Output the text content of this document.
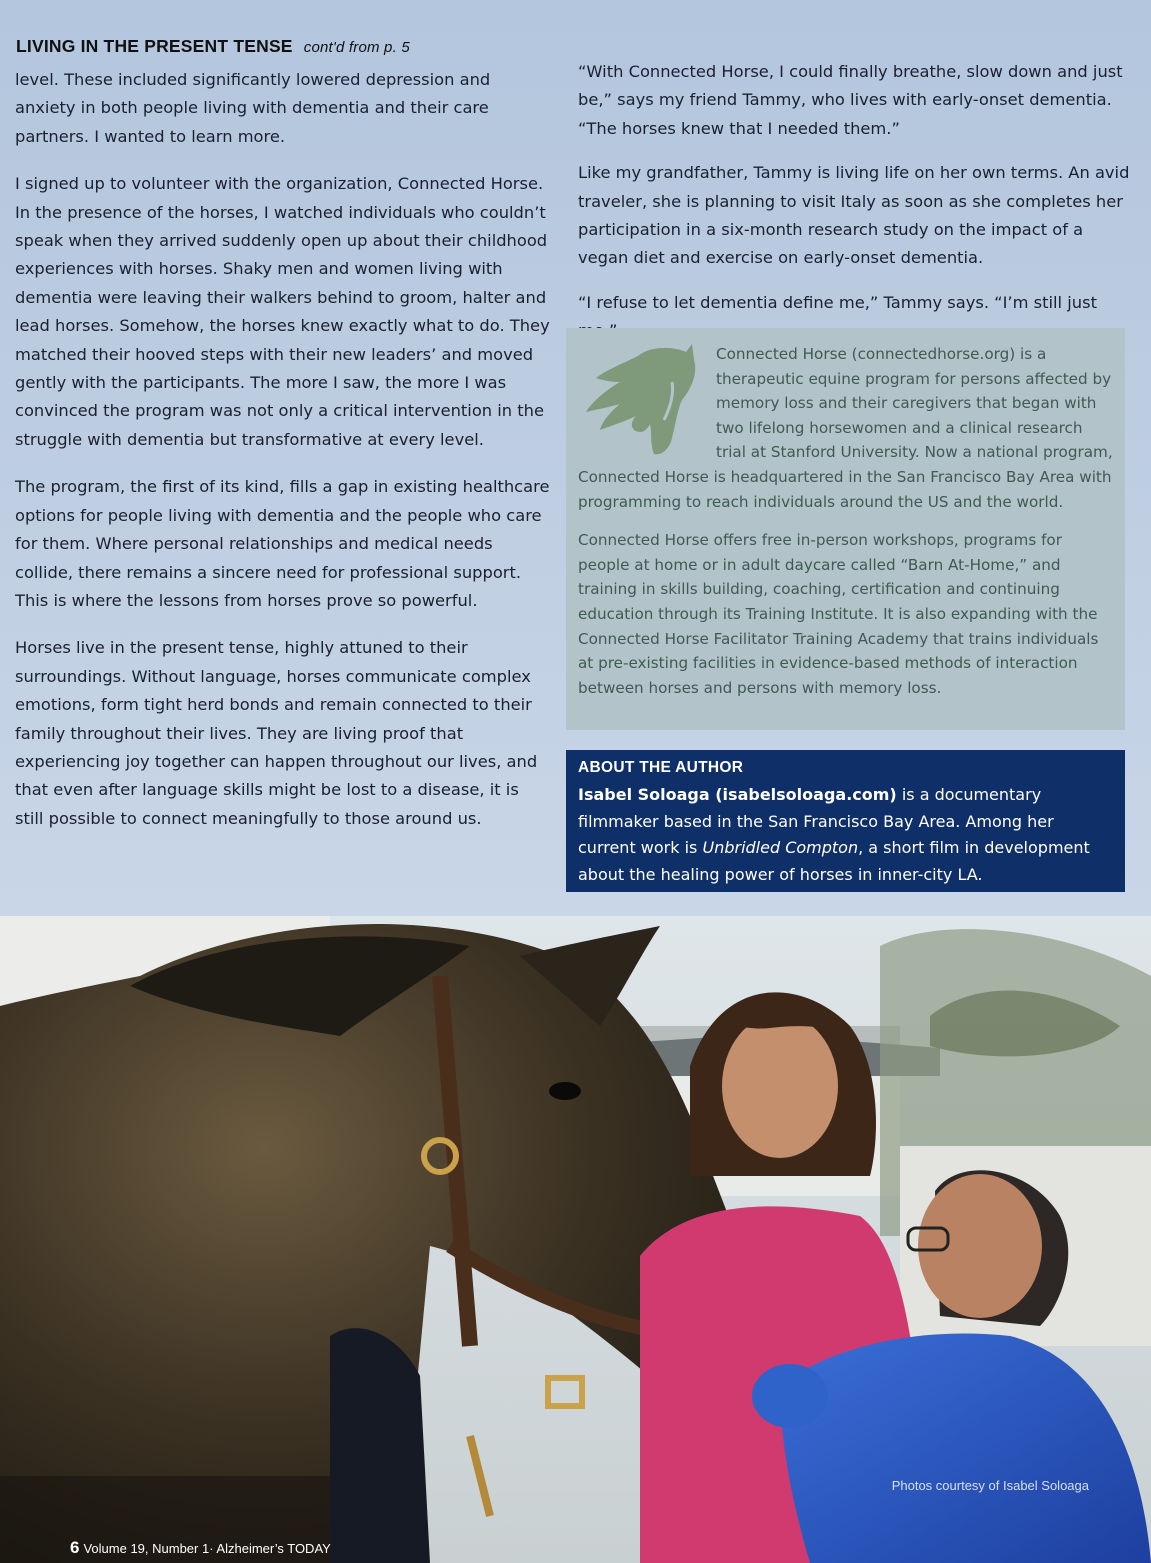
LIVING IN THE PRESENT TENSE cont'd from p. 5

level. These included significantly lowered depression and anxiety in both people living with dementia and their care partners. I wanted to learn more.

I signed up to volunteer with the organization, Connected Horse. In the presence of the horses, I watched individuals who couldn’t speak when they arrived suddenly open up about their childhood experiences with horses. Shaky men and women living with dementia were leaving their walkers behind to groom, halter and lead horses. Somehow, the horses knew exactly what to do. They matched their hooved steps with their new leaders’ and moved gently with the participants. The more I saw, the more I was convinced the program was not only a critical intervention in the struggle with dementia but transformative at every level.

The program, the first of its kind, fills a gap in existing healthcare options for people living with dementia and the people who care for them. Where personal relationships and medical needs collide, there remains a sincere need for professional support. This is where the lessons from horses prove so powerful.

Horses live in the present tense, highly attuned to their surroundings. Without language, horses communicate complex emotions, form tight herd bonds and remain connected to their family throughout their lives. They are living proof that experiencing joy together can happen throughout our lives, and that even after language skills might be lost to a disease, it is still possible to connect meaningfully to those around us.

“With Connected Horse, I could finally breathe, slow down and just be,” says my friend Tammy, who lives with early-onset dementia. “The horses knew that I needed them.”

Like my grandfather, Tammy is living life on her own terms. An avid traveler, she is planning to visit Italy as soon as she completes her participation in a six-month research study on the impact of a vegan diet and exercise on early-onset dementia.

“I refuse to let dementia define me,” Tammy says. “I’m still just

Connected Horse (connectedhorse.org) is a therapeutic equine program for persons affected by memory loss and their caregivers that began with two lifelong horsewomen and a clinical research trial at Stanford University. Now a national program, Connected Horse is headquartered in the San Francisco Bay Area with programming to reach individuals around the US and the world.

Connected Horse offers free in-person workshops, programs for people at home or in adult daycare called “Barn At-Home,” and training in skills building, coaching, certification and continuing education through its Training Institute. It is also expanding with the Connected Horse Facilitator Training Academy that trains individuals at pre-existing facilities in evidence-based methods of interaction between horses and persons with memory loss.

ABOUT THE AUTHOR
Isabel Soloaga (isabelsoloaga.com) is a documentary filmmaker based in the San Francisco Bay Area. Among her current work is Unbridled Compton, a short film in development about the healing power of horses in inner-city LA.
Photos courtesy of Isabel Soloaga
6 Volume 19, Number 1· Alzheimer’s TODAY
